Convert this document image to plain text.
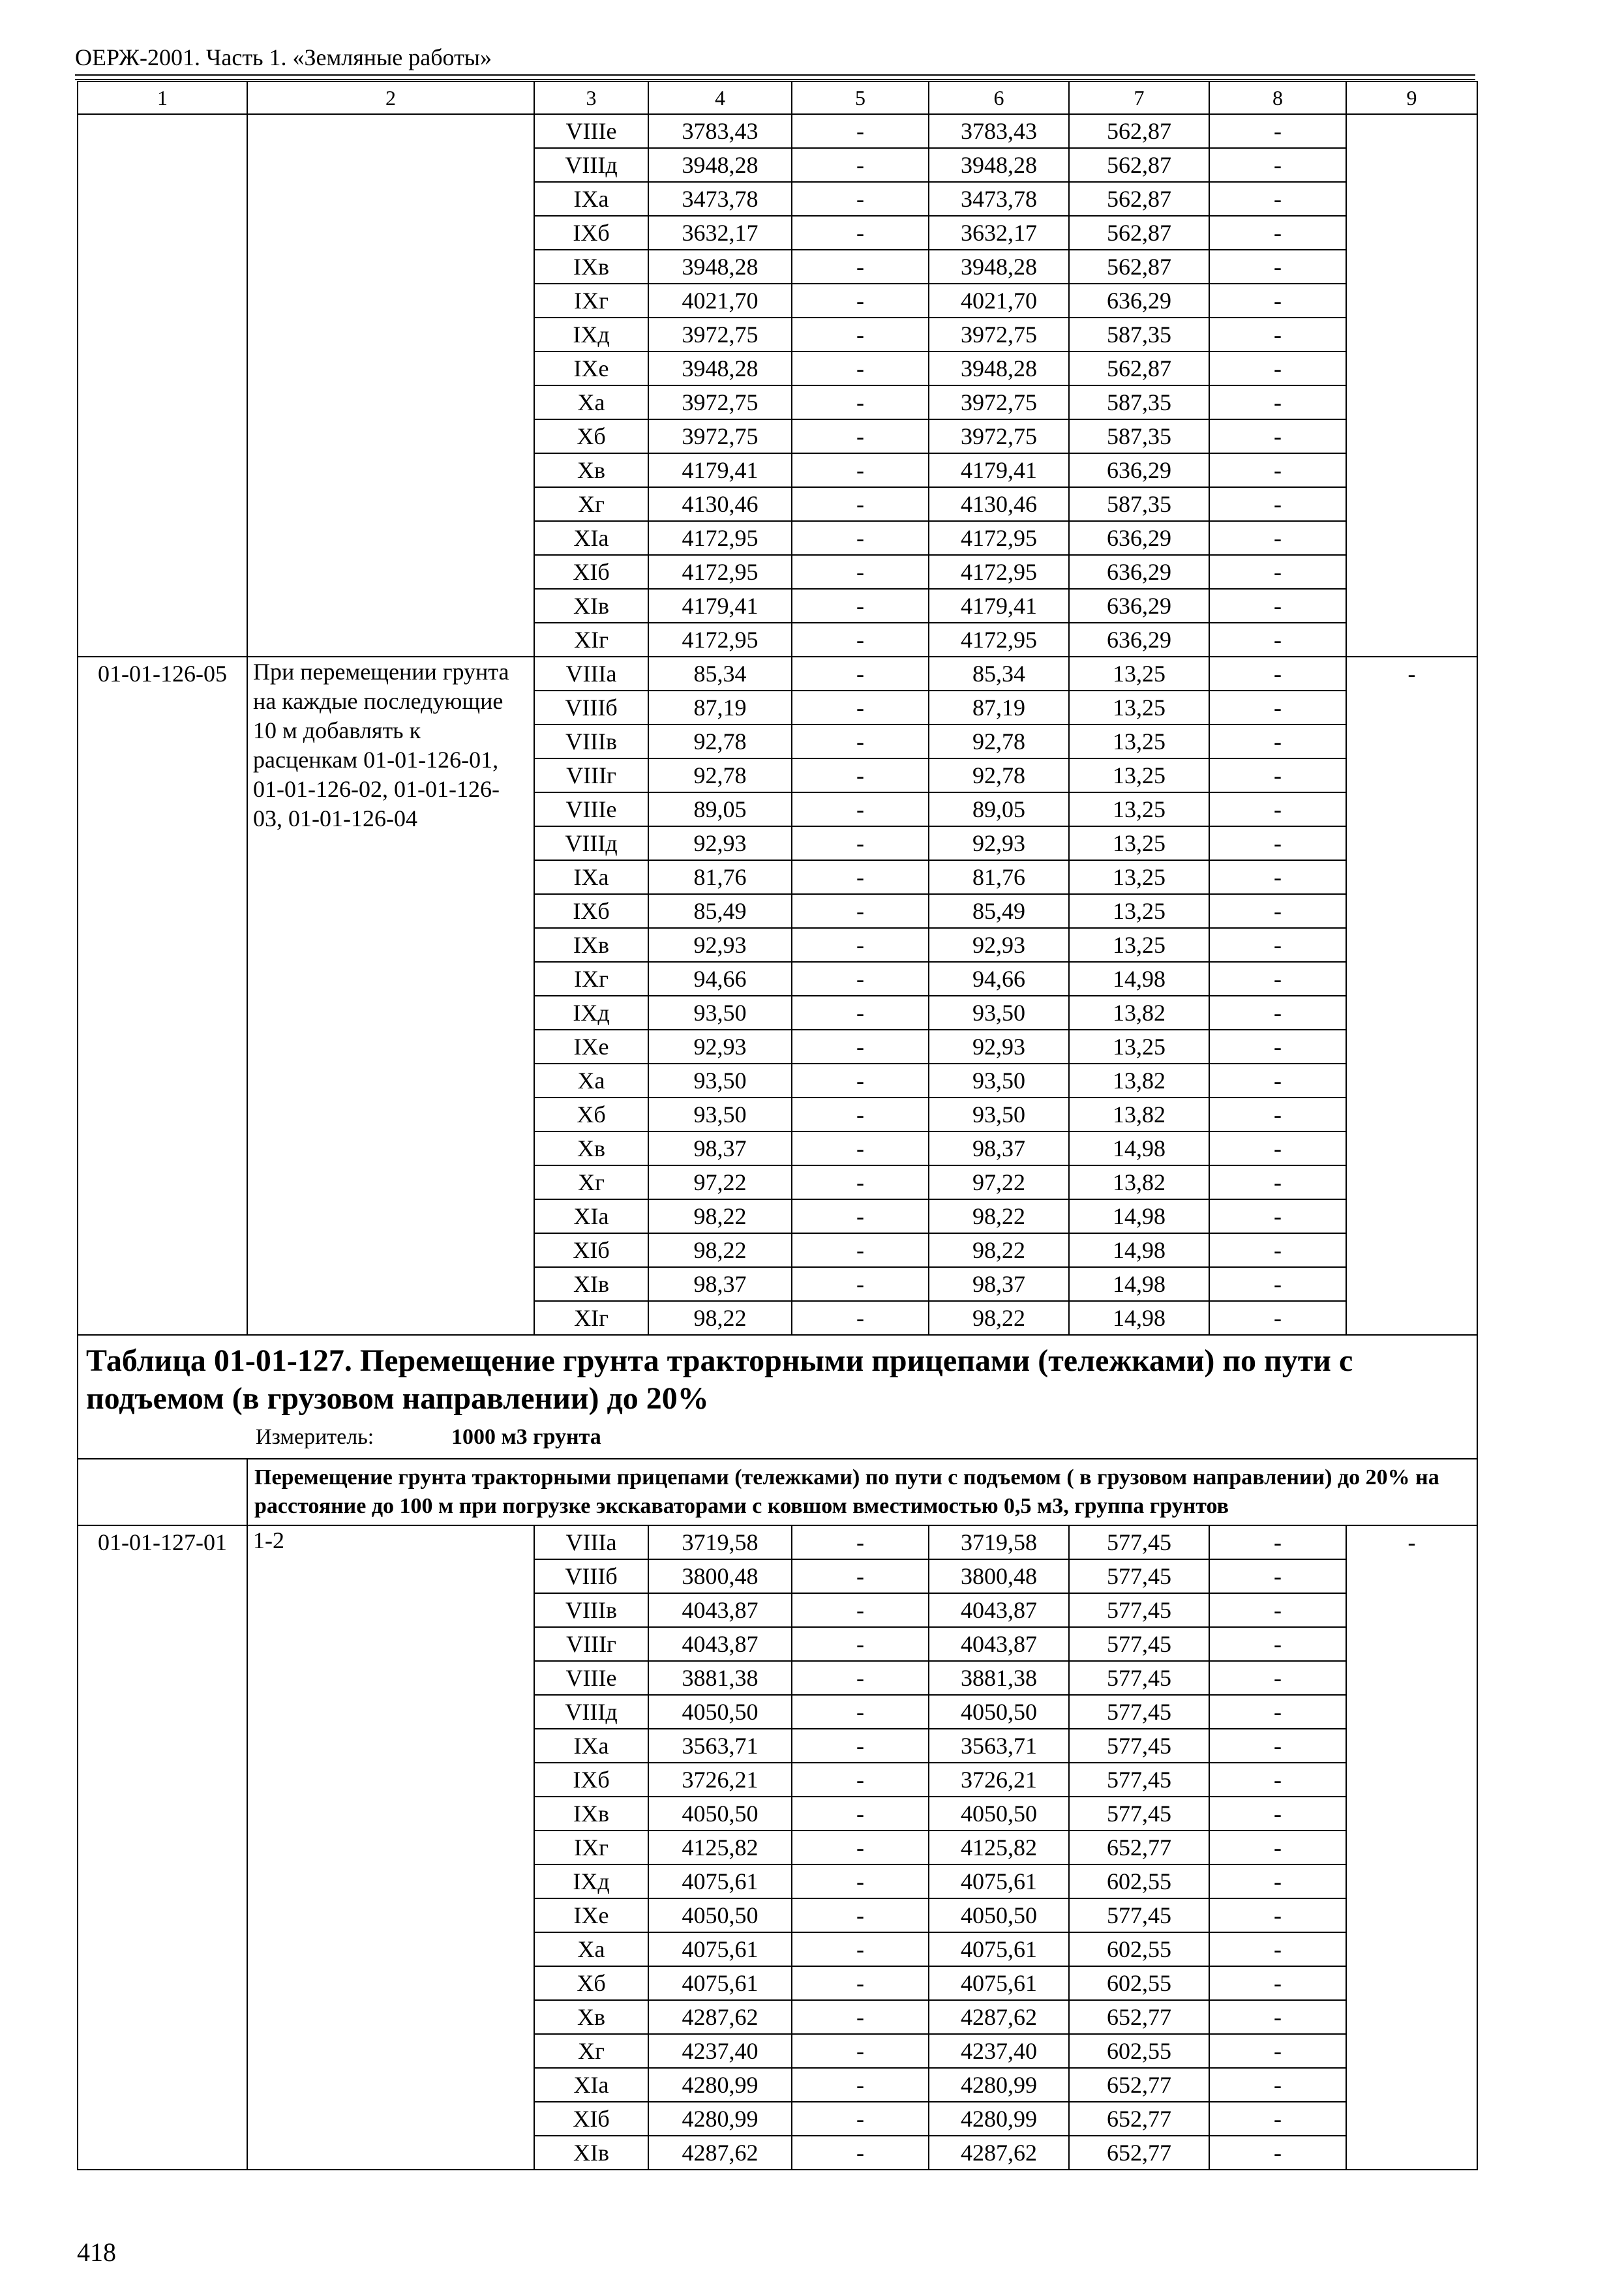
ОЕРЖ-2001. Часть 1. «Земляные работы»
1	2	3	4	5	6	7	8	9
		VIIIе	3783,43	-	3783,43	562,87	-	
		VIIIд	3948,28	-	3948,28	562,87	-	
		IXа	3473,78	-	3473,78	562,87	-	
		IXб	3632,17	-	3632,17	562,87	-	
		IXв	3948,28	-	3948,28	562,87	-	
		IXг	4021,70	-	4021,70	636,29	-	
		IXд	3972,75	-	3972,75	587,35	-	
		IXе	3948,28	-	3948,28	562,87	-	
		Xа	3972,75	-	3972,75	587,35	-	
		Xб	3972,75	-	3972,75	587,35	-	
		Xв	4179,41	-	4179,41	636,29	-	
		Xг	4130,46	-	4130,46	587,35	-	
		XIа	4172,95	-	4172,95	636,29	-	
		XIб	4172,95	-	4172,95	636,29	-	
		XIв	4179,41	-	4179,41	636,29	-	
		XIг	4172,95	-	4172,95	636,29	-	
01-01-126-05	При перемещении грунта на каждые последующие 10 м добавлять к расценкам 01-01-126-01, 01-01-126-02, 01-01-126-03, 01-01-126-04	VIIIа	85,34	-	85,34	13,25	-	-
		VIIIб	87,19	-	87,19	13,25	-	
		VIIIв	92,78	-	92,78	13,25	-	
		VIIIг	92,78	-	92,78	13,25	-	
		VIIIе	89,05	-	89,05	13,25	-	
		VIIIд	92,93	-	92,93	13,25	-	
		IXа	81,76	-	81,76	13,25	-	
		IXб	85,49	-	85,49	13,25	-	
		IXв	92,93	-	92,93	13,25	-	
		IXг	94,66	-	94,66	14,98	-	
		IXд	93,50	-	93,50	13,82	-	
		IXе	92,93	-	92,93	13,25	-	
		Xа	93,50	-	93,50	13,82	-	
		Xб	93,50	-	93,50	13,82	-	
		Xв	98,37	-	98,37	14,98	-	
		Xг	97,22	-	97,22	13,82	-	
		XIа	98,22	-	98,22	14,98	-	
		XIб	98,22	-	98,22	14,98	-	
		XIв	98,37	-	98,37	14,98	-	
		XIг	98,22	-	98,22	14,98	-	

Таблица 01-01-127. Перемещение грунта тракторными прицепами (тележками) по пути с подъемом (в грузовом направлении) до 20%
Измеритель: 1000 м3 грунта								

	Перемещение грунта тракторными прицепами (тележками) по пути с подъемом ( в грузовом направлении) до 20% на расстояние до 100 м при погрузке экскаваторами с ковшом вместимостью 0,5 м3, группа грунтов							
01-01-127-01	1-2	VIIIа	3719,58	-	3719,58	577,45	-	-
		VIIIб	3800,48	-	3800,48	577,45	-	
		VIIIв	4043,87	-	4043,87	577,45	-	
		VIIIг	4043,87	-	4043,87	577,45	-	
		VIIIе	3881,38	-	3881,38	577,45	-	
		VIIIд	4050,50	-	4050,50	577,45	-	
		IXа	3563,71	-	3563,71	577,45	-	
		IXб	3726,21	-	3726,21	577,45	-	
		IXв	4050,50	-	4050,50	577,45	-	
		IXг	4125,82	-	4125,82	652,77	-	
		IXд	4075,61	-	4075,61	602,55	-	
		IXе	4050,50	-	4050,50	577,45	-	
		Xа	4075,61	-	4075,61	602,55	-	
		Xб	4075,61	-	4075,61	602,55	-	
		Xв	4287,62	-	4287,62	652,77	-	
		Xг	4237,40	-	4237,40	602,55	-	
		XIа	4280,99	-	4280,99	652,77	-	
		XIб	4280,99	-	4280,99	652,77	-	
		XIв	4287,62	-	4287,62	652,77	-	
418
